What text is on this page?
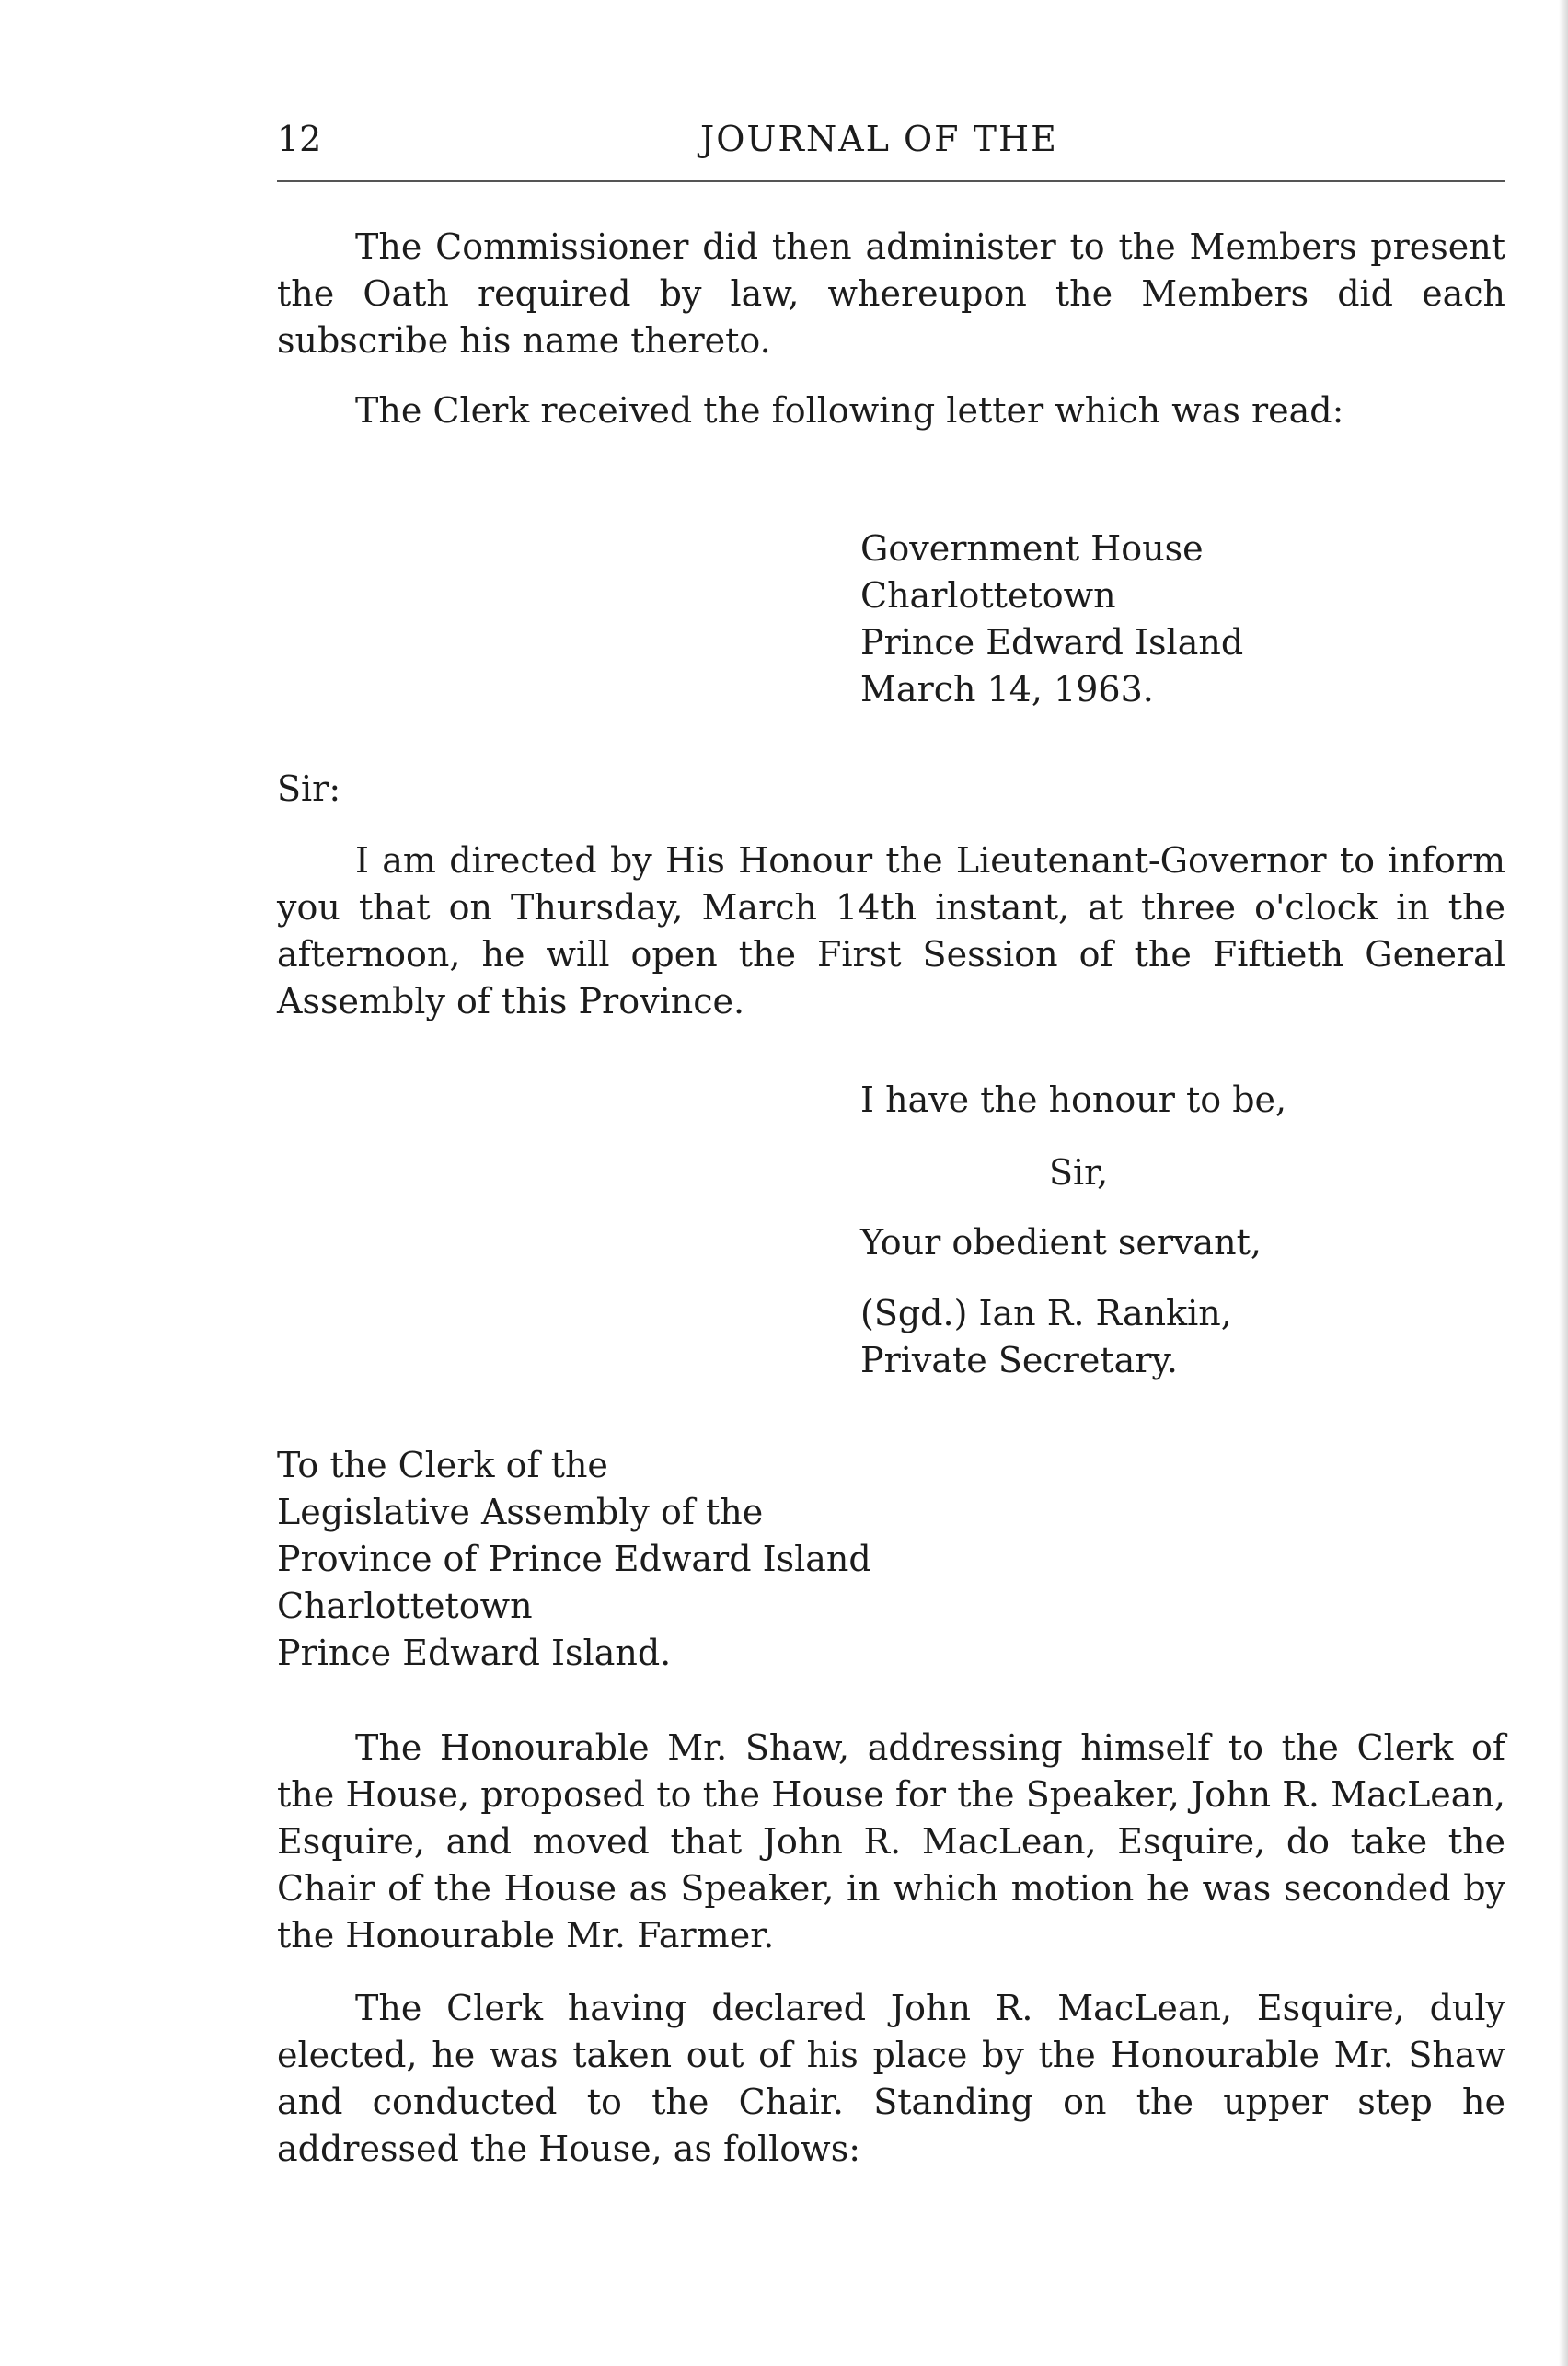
12	JOURNAL OF THE

The Commissioner did then administer to the Members present the Oath required by law, whereupon the Members did each subscribe his name thereto.

The Clerk received the following letter which was read:

Government House
Charlottetown
Prince Edward Island
March 14, 1963.

Sir:

I am directed by His Honour the Lieutenant-Governor to inform you that on Thursday, March 14th instant, at three o'clock in the afternoon, he will open the First Session of the Fiftieth General Assembly of this Province.

I have the honour to be,

Sir,

Your obedient servant,

(Sgd.) Ian R. Rankin,
Private Secretary.

To the Clerk of the
Legislative Assembly of the
Province of Prince Edward Island
Charlottetown
Prince Edward Island.

The Honourable Mr. Shaw, addressing himself to the Clerk of the House, proposed to the House for the Speaker, John R. MacLean, Esquire, and moved that John R. MacLean, Esquire, do take the Chair of the House as Speaker, in which motion he was seconded by the Honourable Mr. Farmer.

The Clerk having declared John R. MacLean, Esquire, duly elected, he was taken out of his place by the Honourable Mr. Shaw and conducted to the Chair. Standing on the upper step he addressed the House, as follows:
